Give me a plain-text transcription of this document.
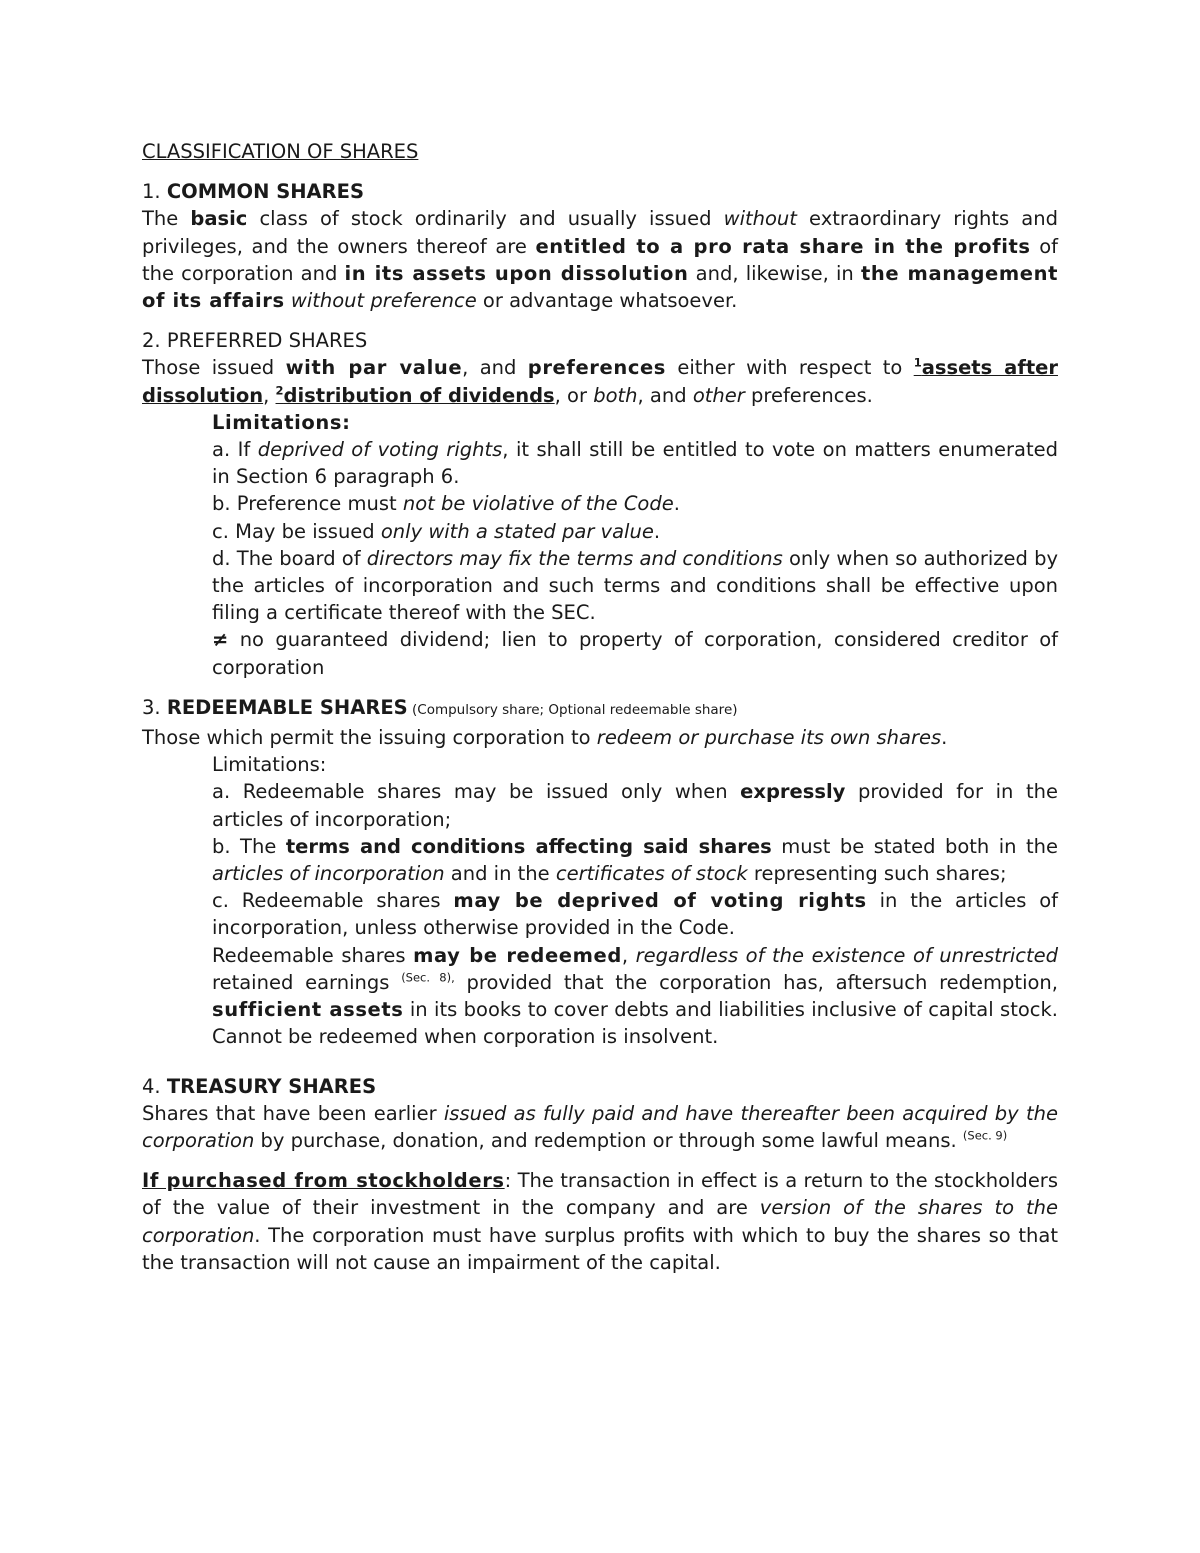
CLASSIFICATION OF SHARES
1. COMMON SHARES
The basic class of stock ordinarily and usually issued without extraordinary rights and privileges, and the owners thereof are entitled to a pro rata share in the profits of the corporation and in its assets upon dissolution and, likewise, in the management of its affairs without preference or advantage whatsoever.
2. PREFERRED SHARES
Those issued with par value, and preferences either with respect to $^1$assets after dissolution, $^2$distribution of dividends, or both, and other preferences.
Limitations:
a. If deprived of voting rights, it shall still be entitled to vote on matters enumerated in Section 6 paragraph 6.
b. Preference must not be violative of the Code.
c. May be issued only with a stated par value.
d. The board of directors may fix the terms and conditions only when so authorized by the articles of incorporation and such terms and conditions shall be effective upon filing a certificate thereof with the SEC.
≠ no guaranteed dividend; lien to property of corporation, considered creditor of corporation
3. REDEEMABLE SHARES (Compulsory share; Optional redeemable share)
Those which permit the issuing corporation to redeem or purchase its own shares.
Limitations:
a. Redeemable shares may be issued only when expressly provided for in the articles of incorporation;
b. The terms and conditions affecting said shares must be stated both in the articles of incorporation and in the certificates of stock representing such shares;
c. Redeemable shares may be deprived of voting rights in the articles of incorporation, unless otherwise provided in the Code.
Redeemable shares may be redeemed, regardless of the existence of unrestricted retained earnings $^{(Sec. 8),}$ provided that the corporation has, aftersuch redemption, sufficient assets in its books to cover debts and liabilities inclusive of capital stock. Cannot be redeemed when corporation is insolvent.
4. TREASURY SHARES
Shares that have been earlier issued as fully paid and have thereafter been acquired by the corporation by purchase, donation, and redemption or through some lawful means. $^{(Sec. 9)}$
If purchased from stockholders: The transaction in effect is a return to the stockholders of the value of their investment in the company and are version of the shares to the corporation. The corporation must have surplus profits with which to buy the shares so that the transaction will not cause an impairment of the capital.
